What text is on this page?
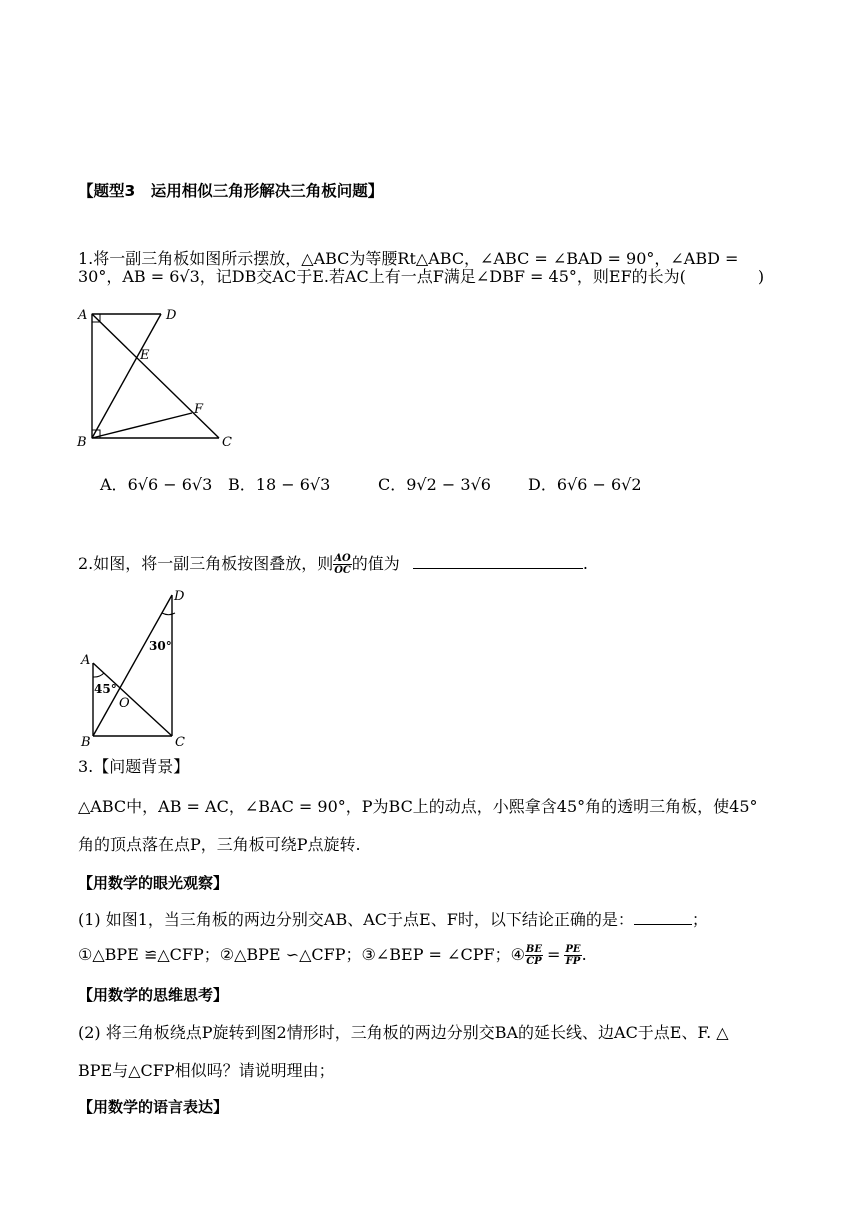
【题型3　运用相似三角形解决三角板问题】
1.将一副三角板如图所示摆放，△ABC为等腰Rt△ABC，∠ABC = ∠BAD = 90°，∠ABD =
30°，AB = 6√3，记DB交AC于E.若AC上有一点F满足∠DBF = 45°，则EF的长为(	)
A	D
E
F
B	C
A．6√6 − 6√3 B．18 − 6√3	C．9√2 − 3√6 D．6√6 − 6√2
2.如图，将一副三角板按图叠放，则 $\frac{AO}{OC}$ 的值为	.
30°
45°
D
A
O
B	C
3.【问题背景】
△ABC中，AB = AC，∠BAC = 90°，P为BC上的动点，小熙拿含45°角的透明三角板，使45°
角的顶点落在点P，三角板可绕P点旋转.
【用数学的眼光观察】
(1) 如图1，当三角板的两边分别交AB、AC于点E、F时，以下结论正确的是：	；
①△BPE ≌△CFP；②△BPE ∽△CFP；③∠BEP = ∠CPF；④ $\frac{BE}{CP} = \frac{PE}{FP}$ .
【用数学的思维思考】
(2) 将三角板绕点P旋转到图2情形时，三角板的两边分别交BA的延长线、边AC于点E、F. △
BPE与△CFP相似吗？请说明理由；
【用数学的语言表达】
